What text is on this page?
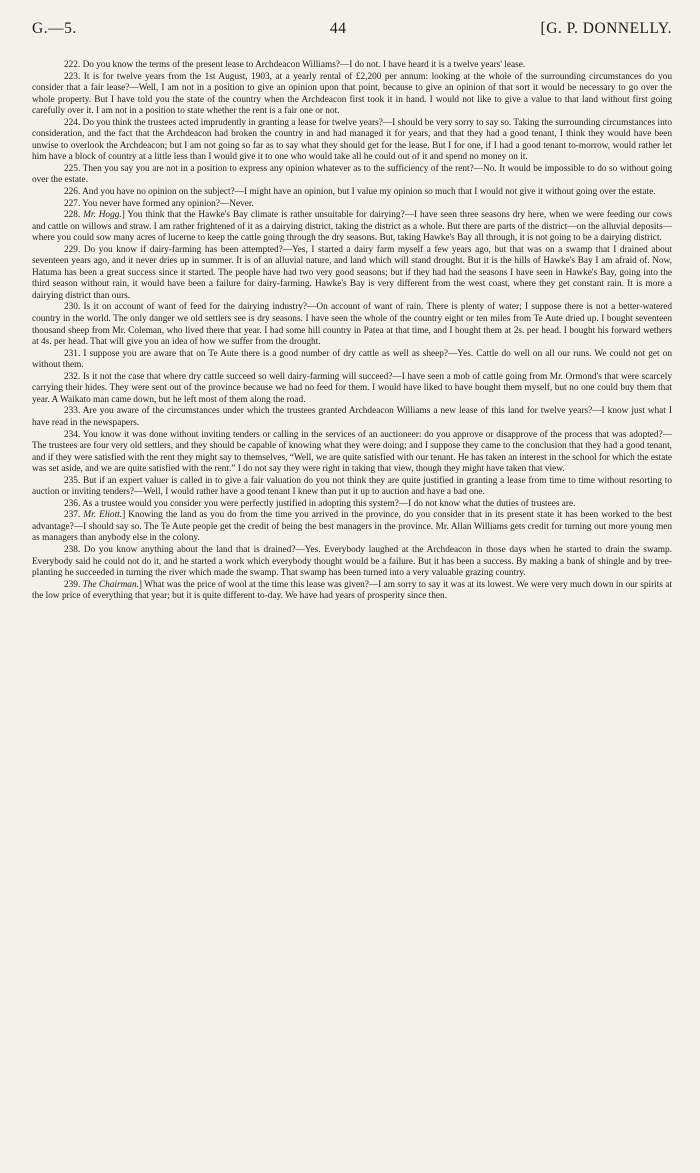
G.—5.	44	[G. P. DONNELLY.

222. Do you know the terms of the present lease to Archdeacon Williams?—I do not. I have heard it is a twelve years' lease.

223. It is for twelve years from the 1st August, 1903, at a yearly rental of £2,200 per annum: looking at the whole of the surrounding circumstances do you consider that a fair lease?—Well, I am not in a position to give an opinion upon that point, because to give an opinion of that sort it would be necessary to go over the whole property. But I have told you the state of the country when the Archdeacon first took it in hand. I would not like to give a value to that land without first going carefully over it. I am not in a position to state whether the rent is a fair one or not.

224. Do you think the trustees acted imprudently in granting a lease for twelve years?—I should be very sorry to say so. Taking the surrounding circumstances into consideration, and the fact that the Archdeacon had broken the country in and had managed it for years, and that they had a good tenant, I think they would have been unwise to overlook the Archdeacon; but I am not going so far as to say what they should get for the lease. But I for one, if I had a good tenant to-morrow, would rather let him have a block of country at a little less than I would give it to one who would take all he could out of it and spend no money on it.

225. Then you say you are not in a position to express any opinion whatever as to the sufficiency of the rent?—No. It would be impossible to do so without going over the estate.

226. And you have no opinion on the subject?—I might have an opinion, but I value my opinion so much that I would not give it without going over the estate.

227. You never have formed any opinion?—Never.

228. Mr. Hogg.] You think that the Hawke's Bay climate is rather unsuitable for dairying?—I have seen three seasons dry here, when we were feeding our cows and cattle on willows and straw. I am rather frightened of it as a dairying district, taking the district as a whole. But there are parts of the district—on the alluvial deposits—where you could sow many acres of lucerne to keep the cattle going through the dry seasons. But, taking Hawke's Bay all through, it is not going to be a dairying district.

229. Do you know if dairy-farming has been attempted?—Yes, I started a dairy farm myself a few years ago, but that was on a swamp that I drained about seventeen years ago, and it never dries up in summer. It is of an alluvial nature, and land which will stand drought. But it is the hills of Hawke's Bay I am afraid of. Now, Hatuma has been a great success since it started. The people have had two very good seasons; but if they had had the seasons I have seen in Hawke's Bay, going into the third season without rain, it would have been a failure for dairy-farming. Hawke's Bay is very different from the west coast, where they get constant rain. It is more a dairying district than ours.

230. Is it on account of want of feed for the dairying industry?—On account of want of rain. There is plenty of water; I suppose there is not a better-watered country in the world. The only danger we old settlers see is dry seasons. I have seen the whole of the country eight or ten miles from Te Aute dried up. I bought seventeen thousand sheep from Mr. Coleman, who lived there that year. I had some hill country in Patea at that time, and I bought them at 2s. per head. I bought his forward wethers at 4s. per head. That will give you an idea of how we suffer from the drought.

231. I suppose you are aware that on Te Aute there is a good number of dry cattle as well as sheep?—Yes. Cattle do well on all our runs. We could not get on without them.

232. Is it not the case that where dry cattle succeed so well dairy-farming will succeed?—I have seen a mob of cattle going from Mr. Ormond's that were scarcely carrying their hides. They were sent out of the province because we had no feed for them. I would have liked to have bought them myself, but no one could buy them that year. A Waikato man came down, but he left most of them along the road.

233. Are you aware of the circumstances under which the trustees granted Archdeacon Williams a new lease of this land for twelve years?—I know just what I have read in the newspapers.

234. You know it was done without inviting tenders or calling in the services of an auctioneer: do you approve or disapprove of the process that was adopted?—The trustees are four very old settlers, and they should be capable of knowing what they were doing; and I suppose they came to the conclusion that they had a good tenant, and if they were satisfied with the rent they might say to themselves, “Well, we are quite satisfied with our tenant. He has taken an interest in the school for which the estate was set aside, and we are quite satisfied with the rent.” I do not say they were right in taking that view, though they might have taken that view.

235. But if an expert valuer is called in to give a fair valuation do you not think they are quite justified in granting a lease from time to time without resorting to auction or inviting tenders?—Well, I would rather have a good tenant I knew than put it up to auction and have a bad one.

236. As a trustee would you consider you were perfectly justified in adopting this system?—I do not know what the duties of trustees are.

237. Mr. Eliott.] Knowing the land as you do from the time you arrived in the province, do you consider that in its present state it has been worked to the best advantage?—I should say so. The Te Aute people get the credit of being the best managers in the province. Mr. Allan Williams gets credit for turning out more young men as managers than anybody else in the colony.

238. Do you know anything about the land that is drained?—Yes. Everybody laughed at the Archdeacon in those days when he started to drain the swamp. Everybody said he could not do it, and he started a work which everybody thought would be a failure. But it has been a success. By making a bank of shingle and by tree-planting he succeeded in turning the river which made the swamp. That swamp has been turned into a very valuable grazing country.

239. The Chairman.] What was the price of wool at the time this lease was given?—I am sorry to say it was at its lowest. We were very much down in our spirits at the low price of everything that year; but it is quite different to-day. We have had years of prosperity since then.
